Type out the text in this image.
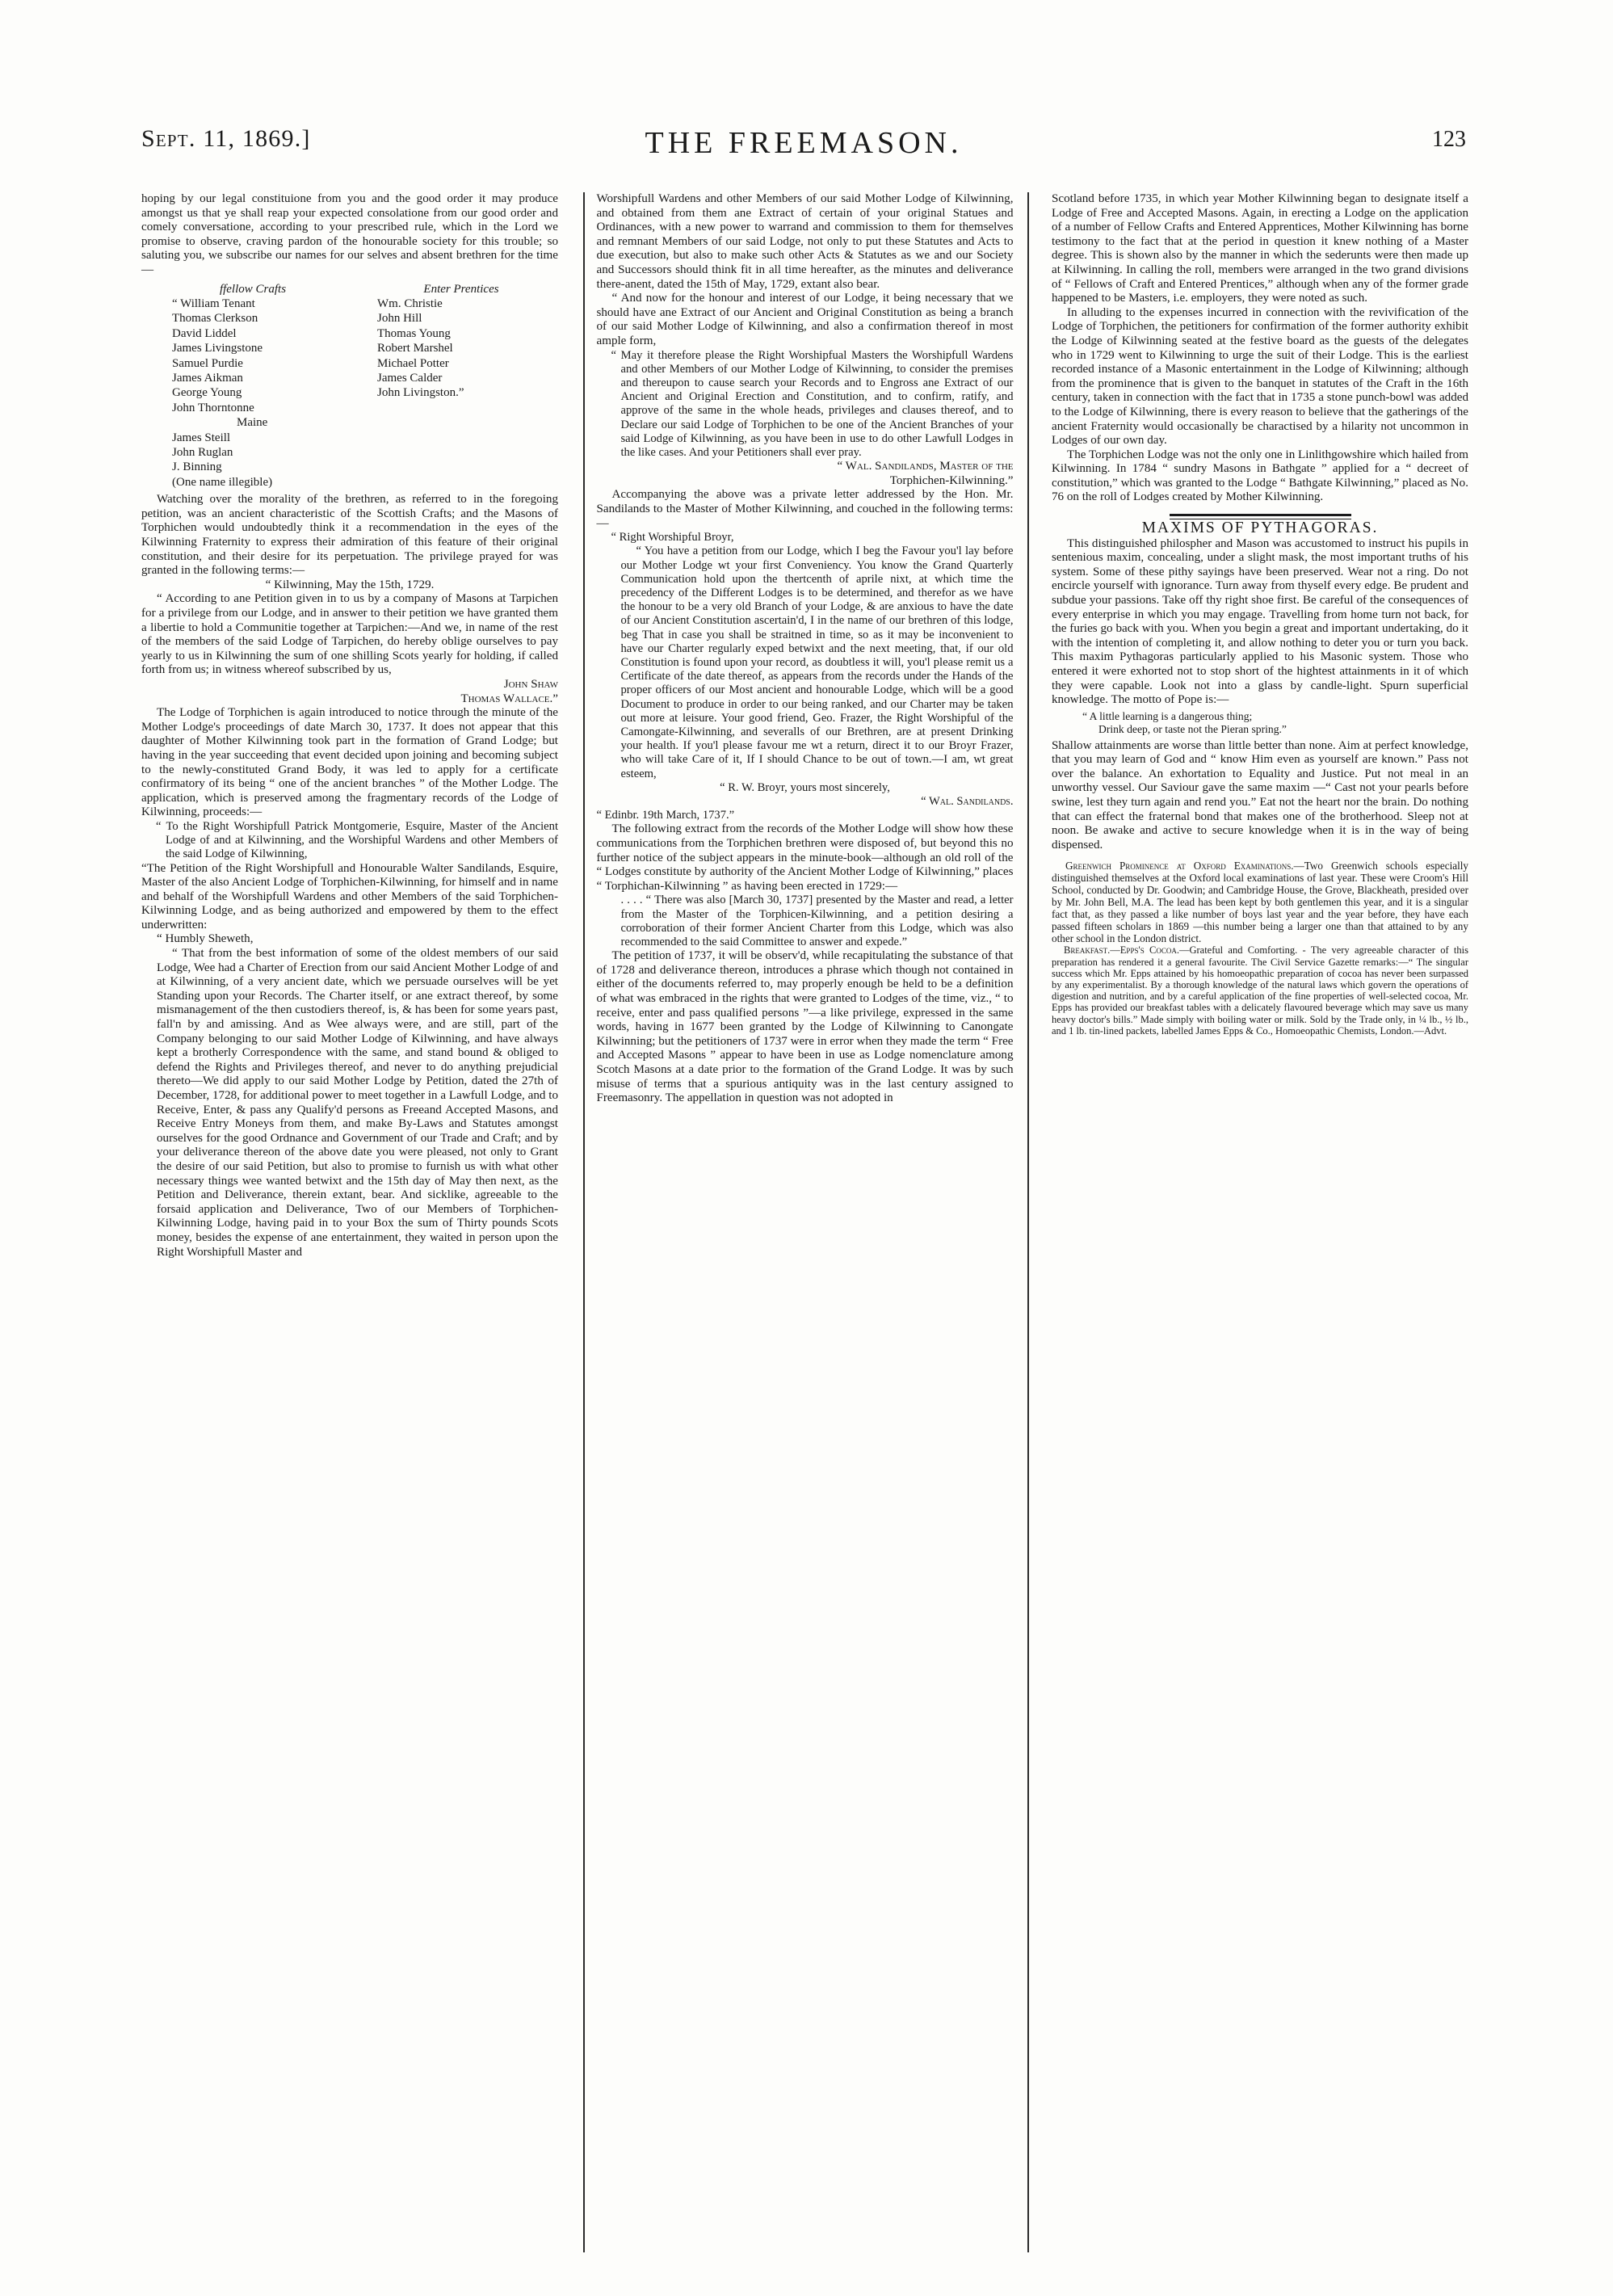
Sept. 11, 1869.]	THE FREEMASON.	123

hoping by our legal constituione from you and the good order it may produce amongst us that ye shall reap your expected consolatione from our good order and comely conversatione, according to your prescribed rule, which in the Lord we promise to observe, craving pardon of the honourable society for this trouble; so saluting you, we subscribe our names for our selves and absent brethren for the time—

ffellow Crafts
“ William Tenant
Thomas Clerkson
David Liddel
James Livingstone
Samuel Purdie
James Aikman
George Young
John Thorntonne
Maine
James Steill
John Ruglan
J. Binning
(One name illegible)
Enter Prentices
Wm. Christie
John Hill
Thomas Young
Robert Marshel
Michael Potter
James Calder
John Livingston.”

Watching over the morality of the brethren, as referred to in the foregoing petition, was an ancient characteristic of the Scottish Crafts; and the Masons of Torphichen would undoubtedly think it a recommendation in the eyes of the Kilwinning Fraternity to express their admiration of this feature of their original constitution, and their desire for its perpetuation. The privilege prayed for was granted in the following terms:—

“ Kilwinning, May the 15th, 1729.

“ According to ane Petition given in to us by a company of Masons at Tarpichen for a privilege from our Lodge, and in answer to their petition we have granted them a libertie to hold a Communitie together at Tarpichen:—And we, in name of the rest of the members of the said Lodge of Tarpichen, do hereby oblige ourselves to pay yearly to us in Kilwinning the sum of one shilling Scots yearly for holding, if called forth from us; in witness whereof subscribed by us,

John Shaw

Thomas Wallace.”

The Lodge of Torphichen is again introduced to notice through the minute of the Mother Lodge's proceedings of date March 30, 1737. It does not appear that this daughter of Mother Kilwinning took part in the formation of Grand Lodge; but having in the year succeeding that event decided upon joining and becoming subject to the newly-constituted Grand Body, it was led to apply for a certificate confirmatory of its being “ one of the ancient branches ” of the Mother Lodge. The application, which is preserved among the fragmentary records of the Lodge of Kilwinning, proceeds:—

“ To the Right Worshipfull Patrick Montgomerie, Esquire, Master of the Ancient Lodge of and at Kilwinning, and the Worshipful Wardens and other Members of the said Lodge of Kilwinning,

“The Petition of the Right Worshipfull and Honourable Walter Sandilands, Esquire, Master of the also Ancient Lodge of Torphichen-Kilwinning, for himself and in name and behalf of the Worshipfull Wardens and other Members of the said Torphichen-Kilwinning Lodge, and as being authorized and empowered by them to the effect underwritten:

“ Humbly Sheweth,

“ That from the best information of some of the oldest members of our said Lodge, Wee had a Charter of Erection from our said Ancient Mother Lodge of and at Kilwinning, of a very ancient date, which we persuade ourselves will be yet Standing upon your Records. The Charter itself, or ane extract thereof, by some mismanagement of the then custodiers thereof, is, & has been for some years past, fall'n by and amissing. And as Wee always were, and are still, part of the Company belonging to our said Mother Lodge of Kilwinning, and have always kept a brotherly Correspondence with the same, and stand bound & obliged to defend the Rights and Privileges thereof, and never to do anything prejudicial thereto—We did apply to our said Mother Lodge by Petition, dated the 27th of December, 1728, for additional power to meet together in a Lawfull Lodge, and to Receive, Enter, & pass any Qualify'd persons as Freeand Accepted Masons, and Receive Entry Moneys from them, and make By-Laws and Statutes amongst ourselves for the good Ordnance and Government of our Trade and Craft; and by your deliverance thereon of the above date you were pleased, not only to Grant the desire of our said Petition, but also to promise to furnish us with what other necessary things wee wanted betwixt and the 15th day of May then next, as the Petition and Deliverance, therein extant, bear. And sicklike, agreeable to the forsaid application and Deliverance, Two of our Members of Torphichen-Kilwinning Lodge, having paid in to your Box the sum of Thirty pounds Scots money, besides the expense of ane entertainment, they waited in person upon the Right Worshipfull Master and

Worshipfull Wardens and other Members of our said Mother Lodge of Kilwinning, and obtained from them ane Extract of certain of your original Statues and Ordinances, with a new power to warrand and commission to them for themselves and remnant Members of our said Lodge, not only to put these Statutes and Acts to due execution, but also to make such other Acts & Statutes as we and our Society and Successors should think fit in all time hereafter, as the minutes and deliverance there-anent, dated the 15th of May, 1729, extant also bear.

“ And now for the honour and interest of our Lodge, it being necessary that we should have ane Extract of our Ancient and Original Constitution as being a branch of our said Mother Lodge of Kilwinning, and also a confirmation thereof in most ample form,

“ May it therefore please the Right Worshipfual Masters the Worshipfull Wardens and other Members of our Mother Lodge of Kilwinning, to consider the premises and thereupon to cause search your Records and to Engross ane Extract of our Ancient and Original Erection and Constitution, and to confirm, ratify, and approve of the same in the whole heads, privileges and clauses thereof, and to Declare our said Lodge of Torphichen to be one of the Ancient Branches of your said Lodge of Kilwinning, as you have been in use to do other Lawfull Lodges in the like cases. And your Petitioners shall ever pray.

“ Wal. Sandilands, Master of the

Torphichen-Kilwinning.”

Accompanying the above was a private letter addressed by the Hon. Mr. Sandilands to the Master of Mother Kilwinning, and couched in the following terms:—

“ Right Worshipful Broyr,

“ You have a petition from our Lodge, which I beg the Favour you'l lay before our Mother Lodge wt your first Conveniency. You know the Grand Quarterly Communication hold upon the thertcenth of aprile nixt, at which time the precedency of the Different Lodges is to be determined, and therefor as we have the honour to be a very old Branch of your Lodge, & are anxious to have the date of our Ancient Constitution ascertain'd, I in the name of our brethren of this lodge, beg That in case you shall be straitned in time, so as it may be inconvenient to have our Charter regularly exped betwixt and the next meeting, that, if our old Constitution is found upon your record, as doubtless it will, you'l please remit us a Certificate of the date thereof, as appears from the records under the Hands of the proper officers of our Most ancient and honourable Lodge, which will be a good Document to produce in order to our being ranked, and our Charter may be taken out more at leisure. Your good friend, Geo. Frazer, the Right Worshipful of the Camongate-Kilwinning, and severalls of our Brethren, are at present Drinking your health. If you'l please favour me wt a return, direct it to our Broyr Frazer, who will take Care of it, If I should Chance to be out of town.—I am, wt great esteem,

“ R. W. Broyr, yours most sincerely,

“ Wal. Sandilands.

“ Edinbr. 19th March, 1737.”

The following extract from the records of the Mother Lodge will show how these communications from the Torphichen brethren were disposed of, but beyond this no further notice of the subject appears in the minute-book—although an old roll of the “ Lodges constitute by authority of the Ancient Mother Lodge of Kilwinning,” places “ Torphichan-Kilwinning ” as having been erected in 1729:—

. . . . “ There was also [March 30, 1737] presented by the Master and read, a letter from the Master of the Torphicen-Kilwinning, and a petition desiring a corroboration of their former Ancient Charter from this Lodge, which was also recommended to the said Committee to answer and expede.”

The petition of 1737, it will be observ'd, while recapitulating the substance of that of 1728 and deliverance thereon, introduces a phrase which though not contained in either of the documents referred to, may properly enough be held to be a definition of what was embraced in the rights that were granted to Lodges of the time, viz., “ to receive, enter and pass qualified persons ”—a like privilege, expressed in the same words, having in 1677 been granted by the Lodge of Kilwinning to Canongate Kilwinning; but the petitioners of 1737 were in error when they made the term “ Free and Accepted Masons ” appear to have been in use as Lodge nomenclature among Scotch Masons at a date prior to the formation of the Grand Lodge. It was by such misuse of terms that a spurious antiquity was in the last century assigned to Freemasonry. The appellation in question was not adopted in

Scotland before 1735, in which year Mother Kilwinning began to designate itself a Lodge of Free and Accepted Masons. Again, in erecting a Lodge on the application of a number of Fellow Crafts and Entered Apprentices, Mother Kilwinning has borne testimony to the fact that at the period in question it knew nothing of a Master degree. This is shown also by the manner in which the sederunts were then made up at Kilwinning. In calling the roll, members were arranged in the two grand divisions of “ Fellows of Craft and Entered Prentices,” although when any of the former grade happened to be Masters, i.e. employers, they were noted as such.

In alluding to the expenses incurred in connection with the revivification of the Lodge of Torphichen, the petitioners for confirmation of the former authority exhibit the Lodge of Kilwinning seated at the festive board as the guests of the delegates who in 1729 went to Kilwinning to urge the suit of their Lodge. This is the earliest recorded instance of a Masonic entertainment in the Lodge of Kilwinning; although from the prominence that is given to the banquet in statutes of the Craft in the 16th century, taken in connection with the fact that in 1735 a stone punch-bowl was added to the Lodge of Kilwinning, there is every reason to believe that the gatherings of the ancient Fraternity would occasionally be charactised by a hilarity not uncommon in Lodges of our own day.

The Torphichen Lodge was not the only one in Linlithgowshire which hailed from Kilwinning. In 1784 “ sundry Masons in Bathgate ” applied for a “ decreet of constitution,” which was granted to the Lodge “ Bathgate Kilwinning,” placed as No. 76 on the roll of Lodges created by Mother Kilwinning.

MAXIMS OF PYTHAGORAS.

This distinguished philospher and Mason was accustomed to instruct his pupils in sentenious maxim, concealing, under a slight mask, the most important truths of his system. Some of these pithy sayings have been preserved. Wear not a ring. Do not encircle yourself with ignorance. Turn away from thyself every edge. Be prudent and subdue your passions. Take off thy right shoe first. Be careful of the consequences of every enterprise in which you may engage. Travelling from home turn not back, for the furies go back with you. When you begin a great and important undertaking, do it with the intention of completing it, and allow nothing to deter you or turn you back. This maxim Pythagoras particularly applied to his Masonic system. Those who entered it were exhorted not to stop short of the hightest attainments in it of which they were capable. Look not into a glass by candle-light. Spurn superficial knowledge. The motto of Pope is:—

“ A little learning is a dangerous thing;
Drink deep, or taste not the Pieran spring.”

Shallow attainments are worse than little better than none. Aim at perfect knowledge, that you may learn of God and “ know Him even as yourself are known.” Pass not over the balance. An exhortation to Equality and Justice. Put not meal in an unworthy vessel. Our Saviour gave the same maxim —“ Cast not your pearls before swine, lest they turn again and rend you.” Eat not the heart nor the brain. Do nothing that can effect the fraternal bond that makes one of the brotherhood. Sleep not at noon. Be awake and active to secure knowledge when it is in the way of being dispensed.

Greenwich Prominence at Oxford Examinations.—Two Greenwich schools especially distinguished themselves at the Oxford local examinations of last year. These were Croom's Hill School, conducted by Dr. Goodwin; and Cambridge House, the Grove, Blackheath, presided over by Mr. John Bell, M.A. The lead has been kept by both gentlemen this year, and it is a singular fact that, as they passed a like number of boys last year and the year before, they have each passed fifteen scholars in 1869 —this number being a larger one than that attained to by any other school in the London district.

Breakfast.—Epps's Cocoa.—Grateful and Comforting. - The very agreeable character of this preparation has rendered it a general favourite. The Civil Service Gazette remarks:—“ The singular success which Mr. Epps attained by his homoeopathic preparation of cocoa has never been surpassed by any experimentalist. By a thorough knowledge of the natural laws which govern the operations of digestion and nutrition, and by a careful application of the fine properties of well-selected cocoa, Mr. Epps has provided our breakfast tables with a delicately flavoured beverage which may save us many heavy doctor's bills.” Made simply with boiling water or milk. Sold by the Trade only, in ¼ lb., ½ lb., and 1 lb. tin-lined packets, labelled James Epps & Co., Homoeopathic Chemists, London.—Advt.
